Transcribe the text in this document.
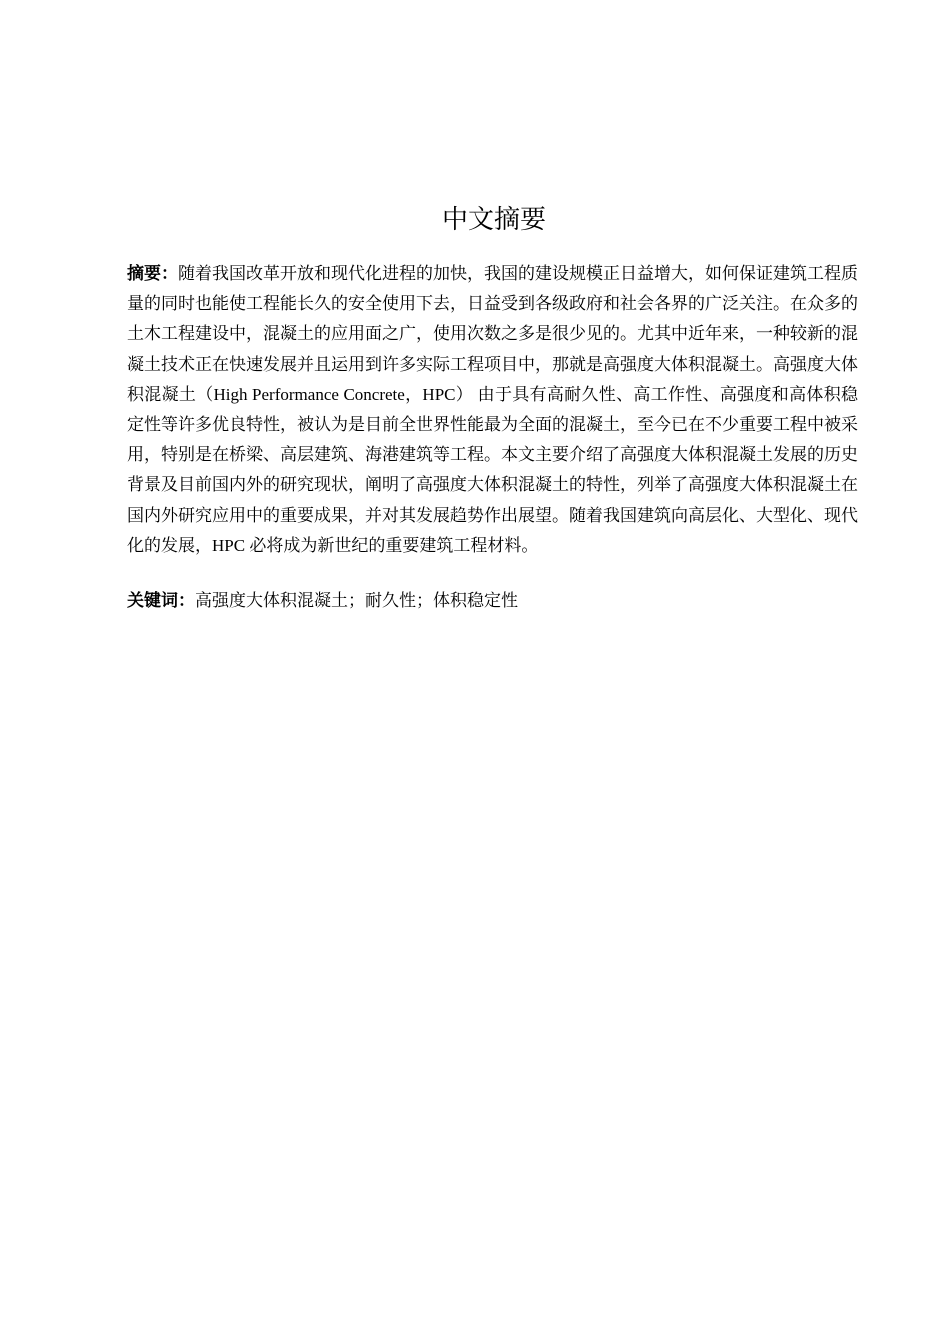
中文摘要

摘要：随着我国改革开放和现代化进程的加快，我国的建设规模正日益增大，如何保证建筑工程质量的同时也能使工程能长久的安全使用下去，日益受到各级政府和社会各界的广泛关注。在众多的土木工程建设中，混凝土的应用面之广，使用次数之多是很少见的。尤其中近年来，一种较新的混凝土技术正在快速发展并且运用到许多实际工程项目中，那就是高强度大体积混凝土。高强度大体积混凝土（High Performance Concrete，HPC） 由于具有高耐久性、高工作性、高强度和高体积稳定性等许多优良特性，被认为是目前全世界性能最为全面的混凝土，至今已在不少重要工程中被采用，特别是在桥梁、高层建筑、海港建筑等工程。本文主要介绍了高强度大体积混凝土发展的历史背景及目前国内外的研究现状，阐明了高强度大体积混凝土的特性，列举了高强度大体积混凝土在国内外研究应用中的重要成果，并对其发展趋势作出展望。随着我国建筑向高层化、大型化、现代化的发展，HPC 必将成为新世纪的重要建筑工程材料。

关键词：高强度大体积混凝土；耐久性；体积稳定性
